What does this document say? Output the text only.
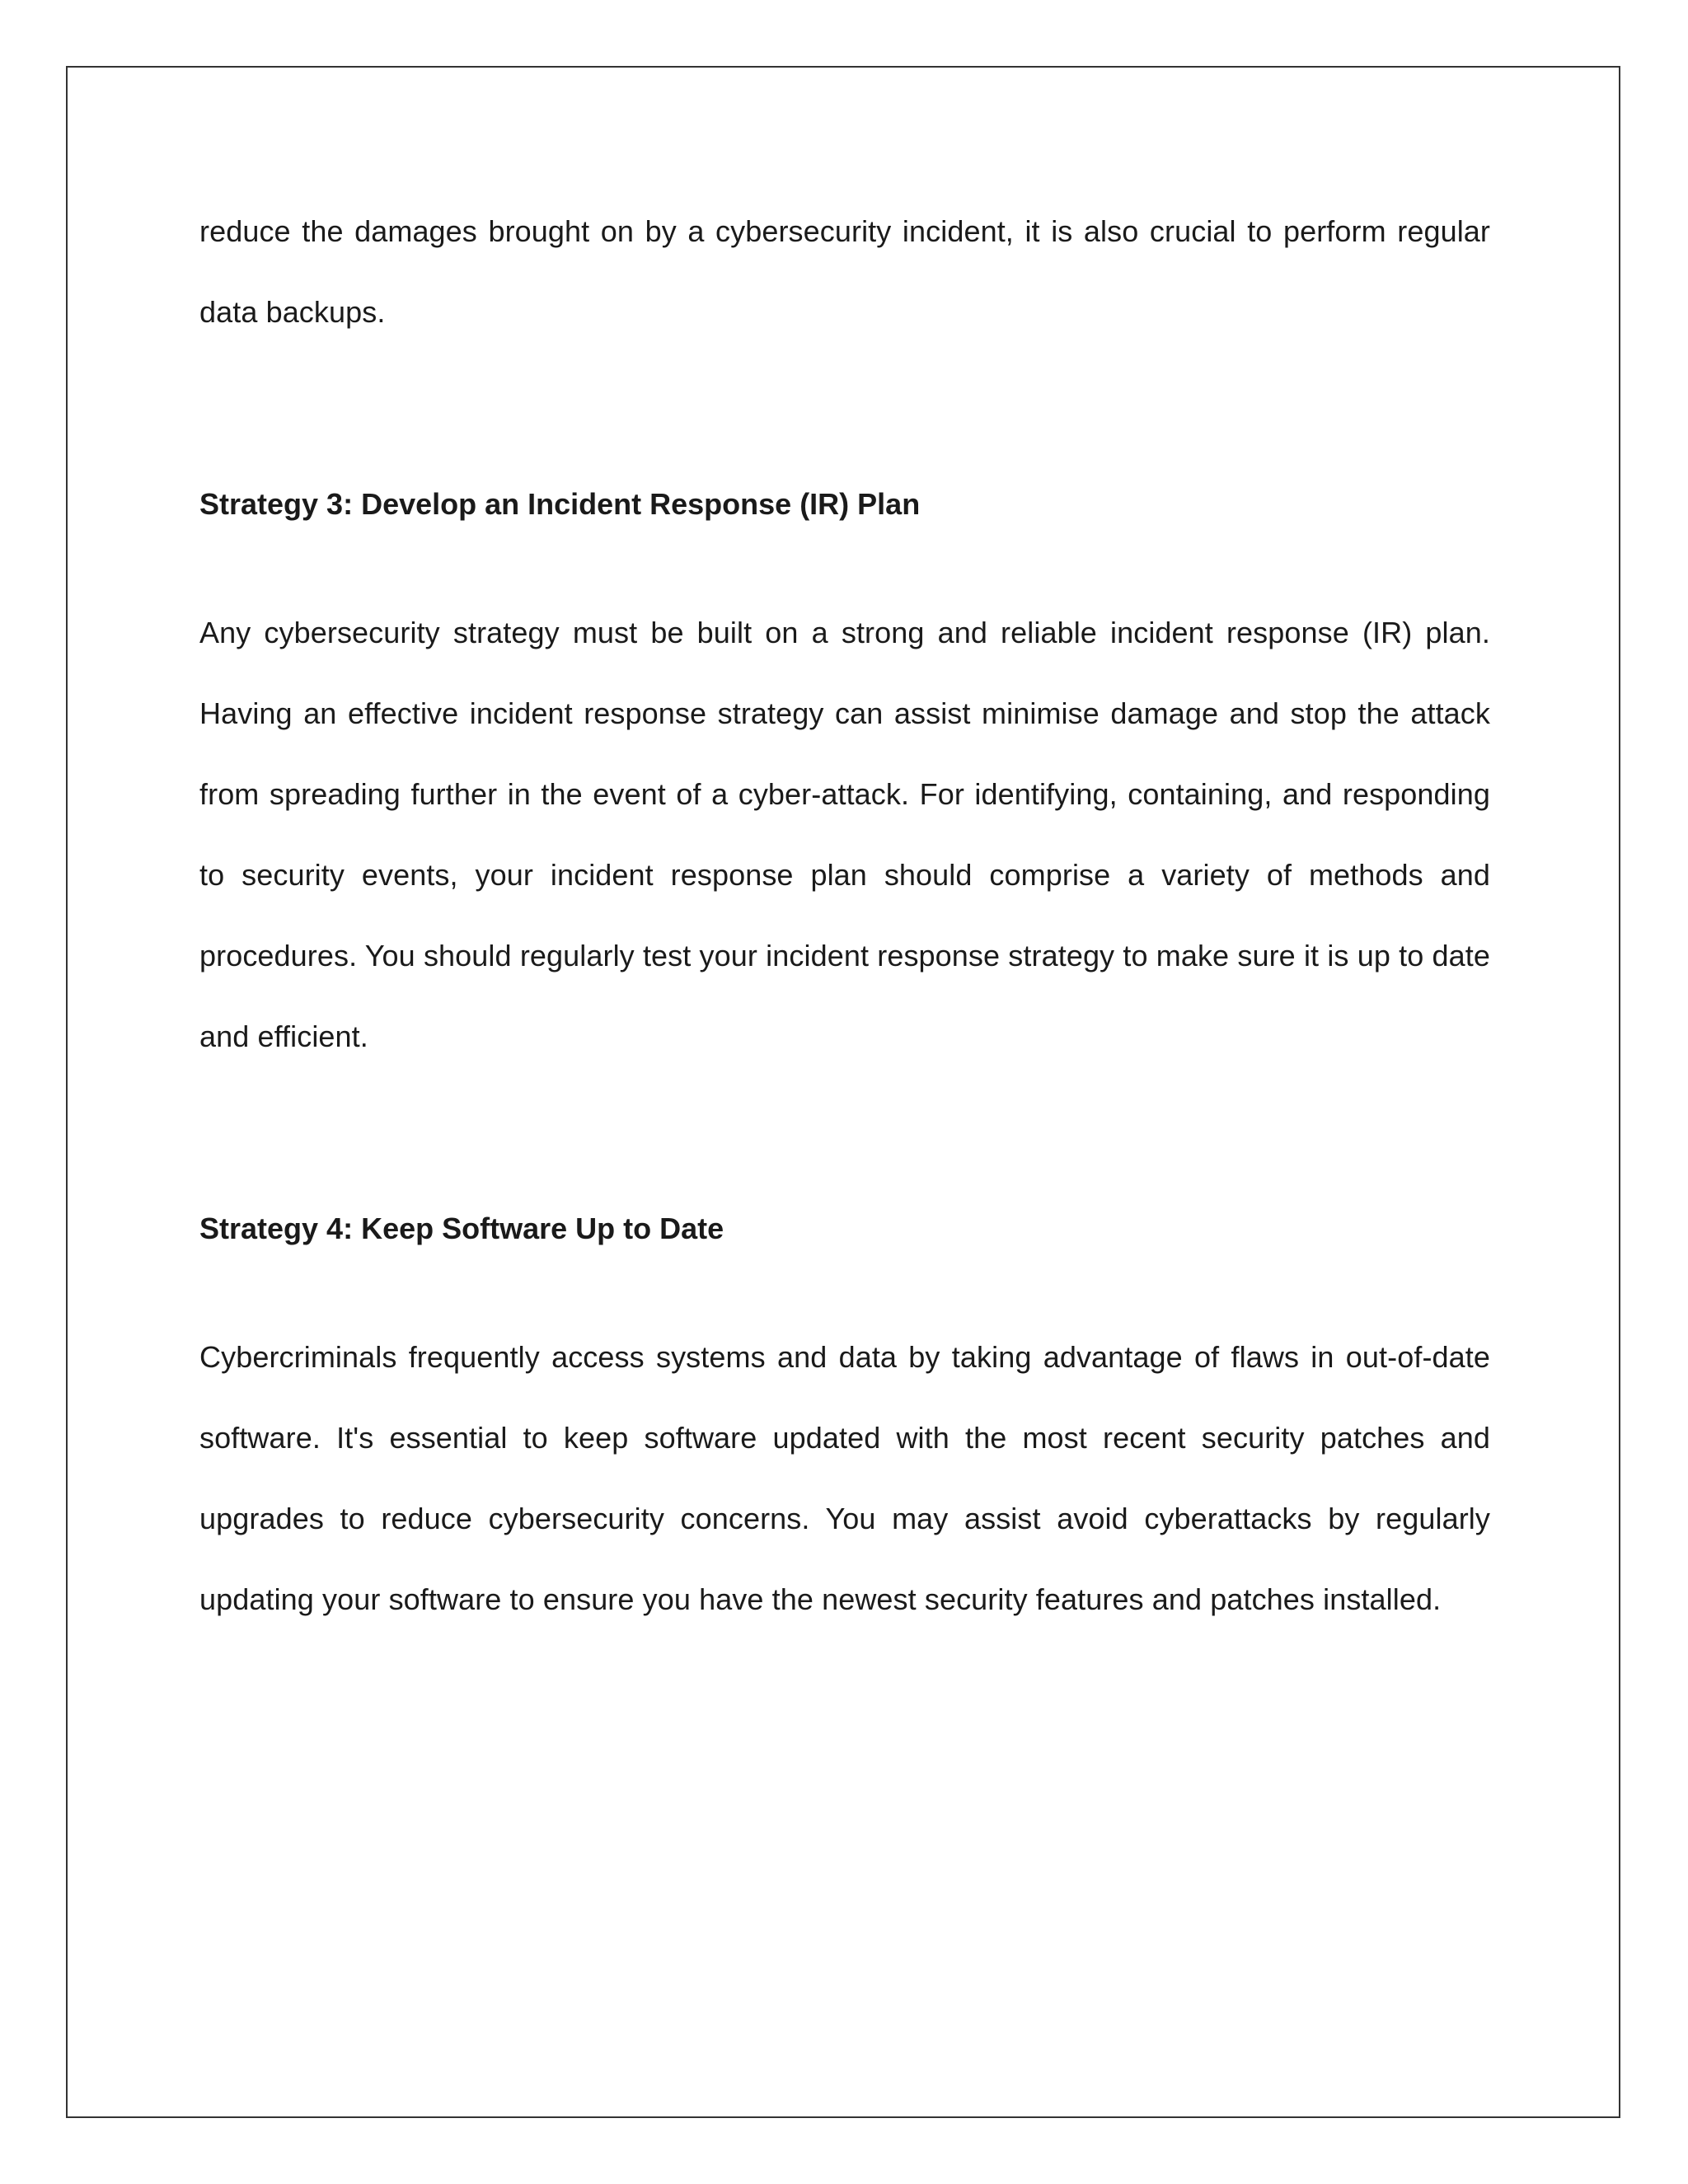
reduce the damages brought on by a cybersecurity incident, it is also crucial to perform regular data backups.

Strategy 3: Develop an Incident Response (IR) Plan

Any cybersecurity strategy must be built on a strong and reliable incident response (IR) plan. Having an effective incident response strategy can assist minimise damage and stop the attack from spreading further in the event of a cyber-attack. For identifying, containing, and responding to security events, your incident response plan should comprise a variety of methods and procedures. You should regularly test your incident response strategy to make sure it is up to date and efficient.

Strategy 4: Keep Software Up to Date

Cybercriminals frequently access systems and data by taking advantage of flaws in out-of-date software. It's essential to keep software updated with the most recent security patches and upgrades to reduce cybersecurity concerns. You may assist avoid cyberattacks by regularly updating your software to ensure you have the newest security features and patches installed.
